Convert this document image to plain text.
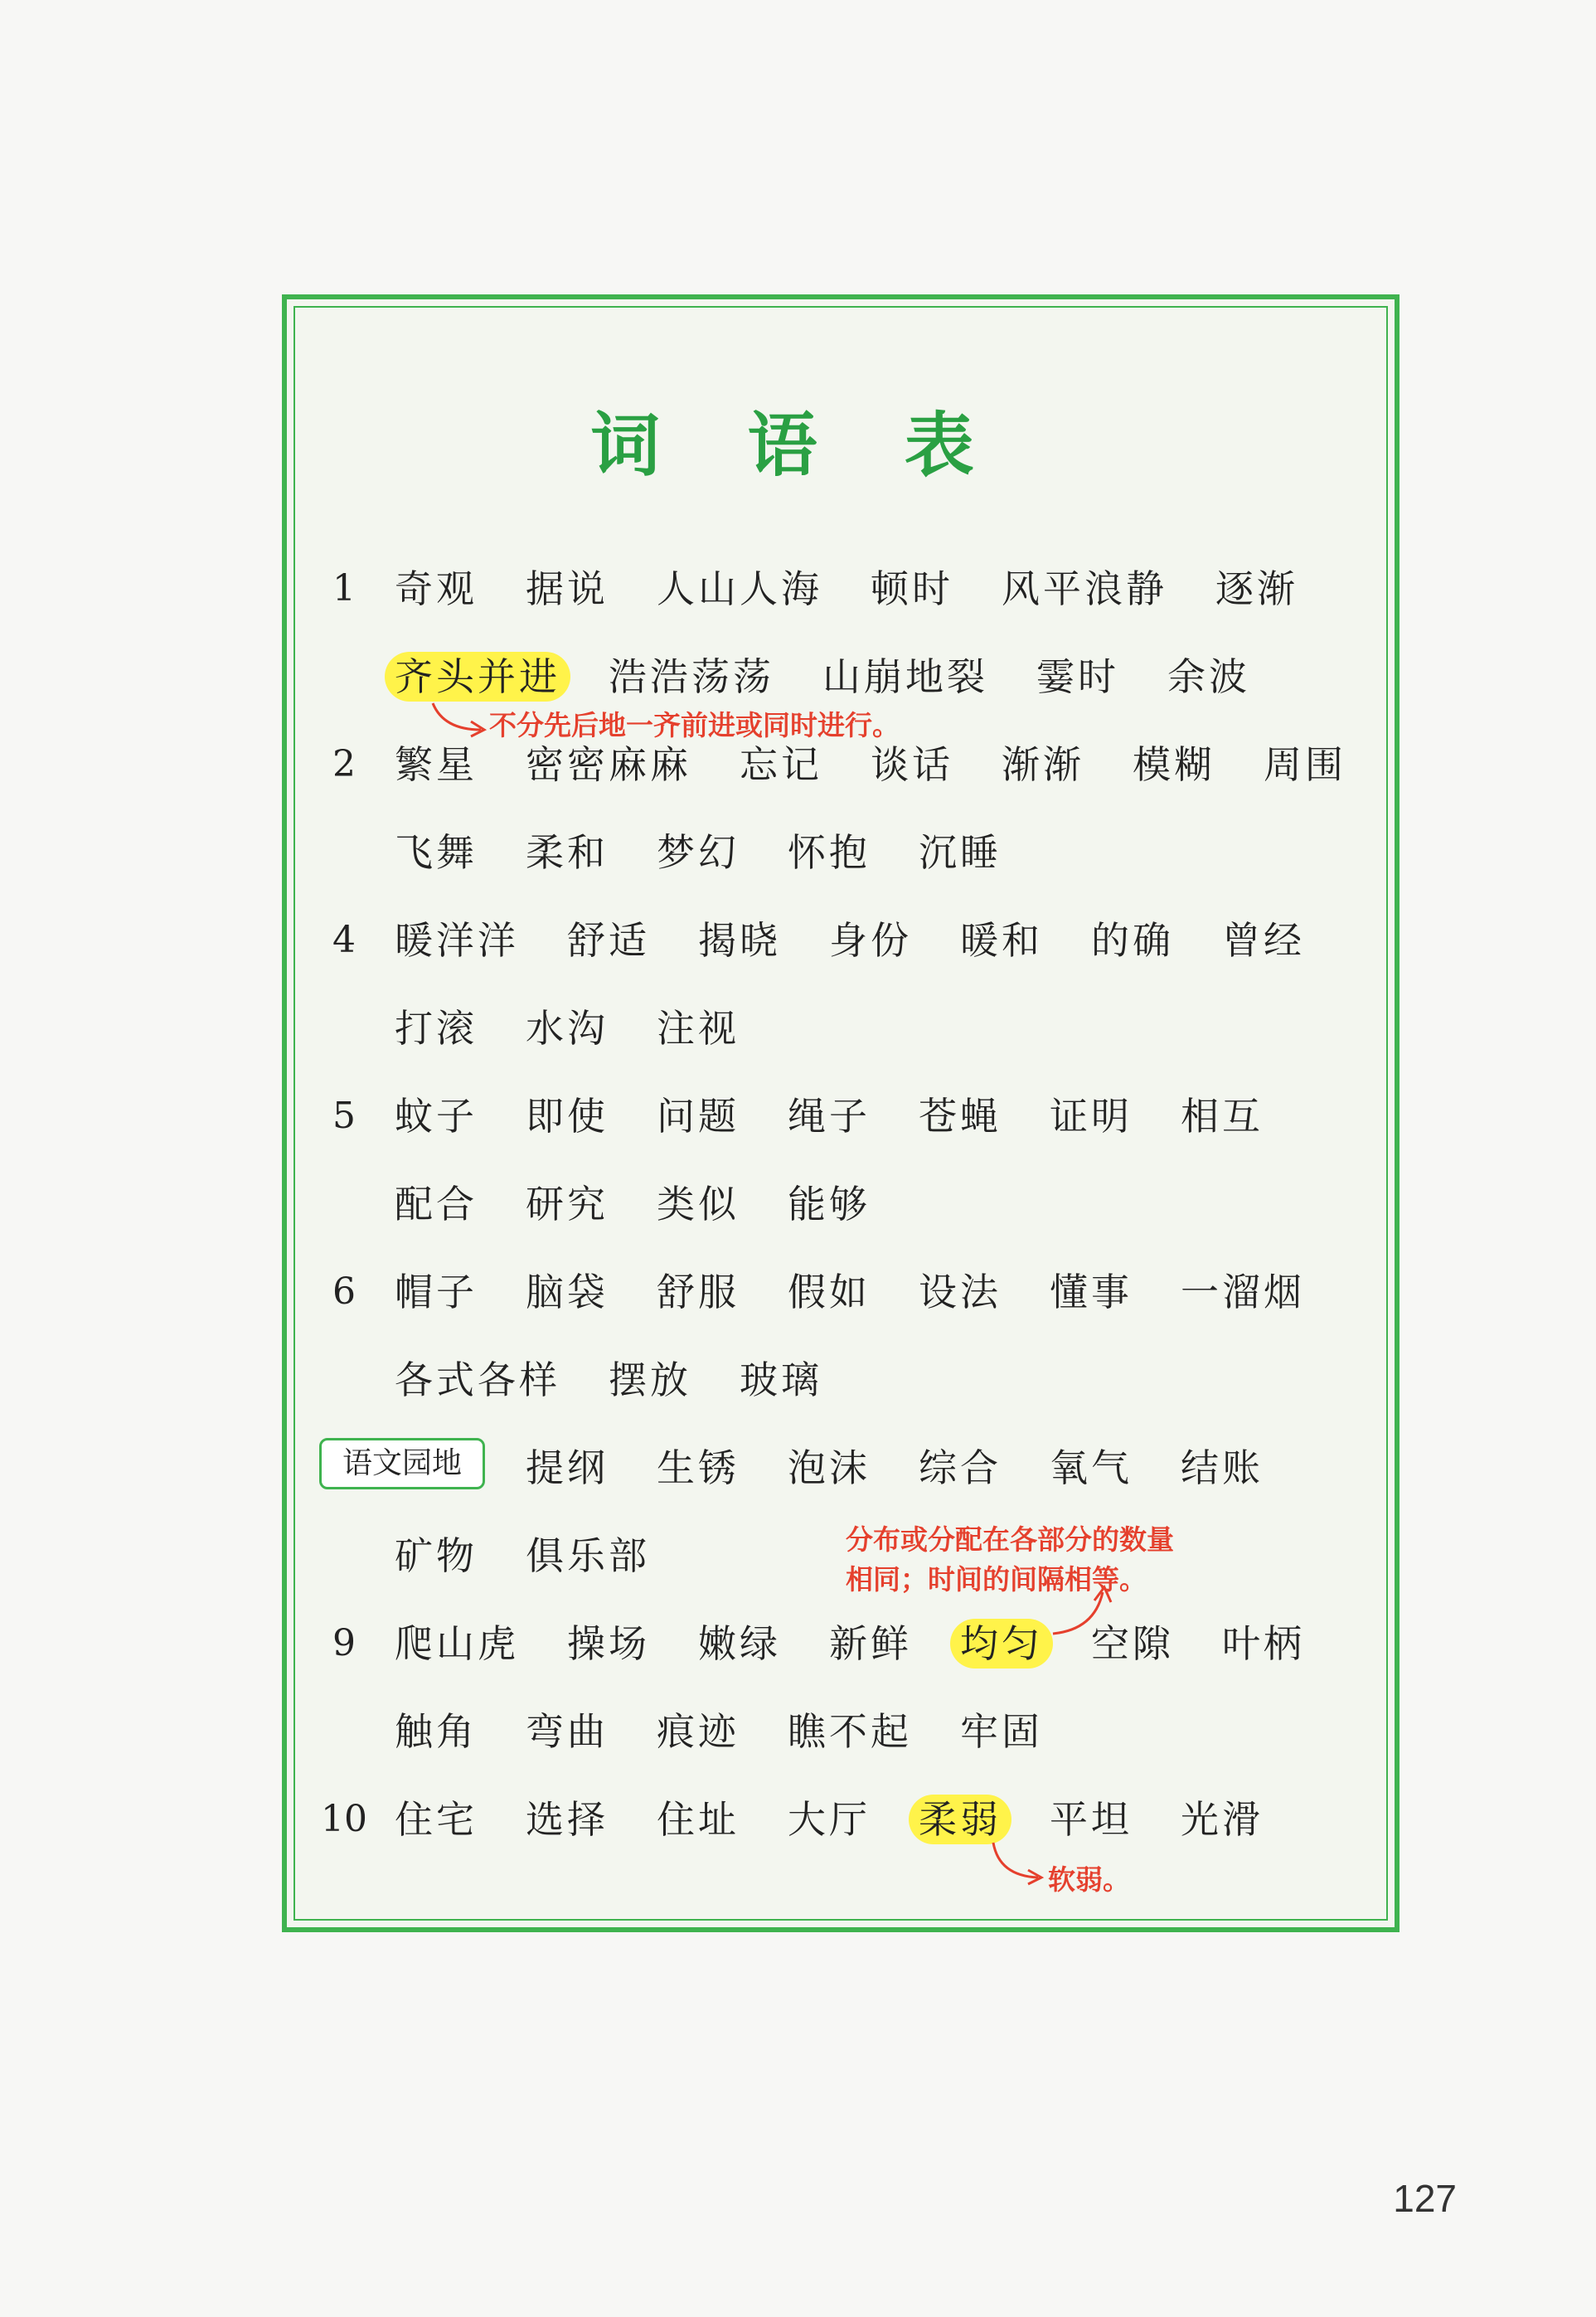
词 语 表
1	奇观 据说 人山人海 顿时 风平浪静 逐渐
齐头并进 浩浩荡荡 山崩地裂 霎时 余波
不分先后地一齐前进或同时进行。
2	繁星 密密麻麻 忘记 谈话 渐渐 模糊 周围
飞舞 柔和 梦幻 怀抱 沉睡
4	暖洋洋 舒适 揭晓 身份 暖和 的确 曾经
打滚 水沟 注视
5	蚊子 即使 问题 绳子 苍蝇 证明 相互
配合 研究 类似 能够
6	帽子 脑袋 舒服 假如 设法 懂事 一溜烟
各式各样 摆放 玻璃
语文园地	提纲 生锈 泡沫 综合 氧气 结账
矿物 俱乐部	分布或分配在各部分的数量
相同；时间的间隔相等。
9	爬山虎 操场 嫩绿 新鲜 均匀 空隙 叶柄
触角 弯曲 痕迹 瞧不起 牢固
10 住宅 选择 住址 大厅 柔弱 平坦 光滑
软弱。
127
